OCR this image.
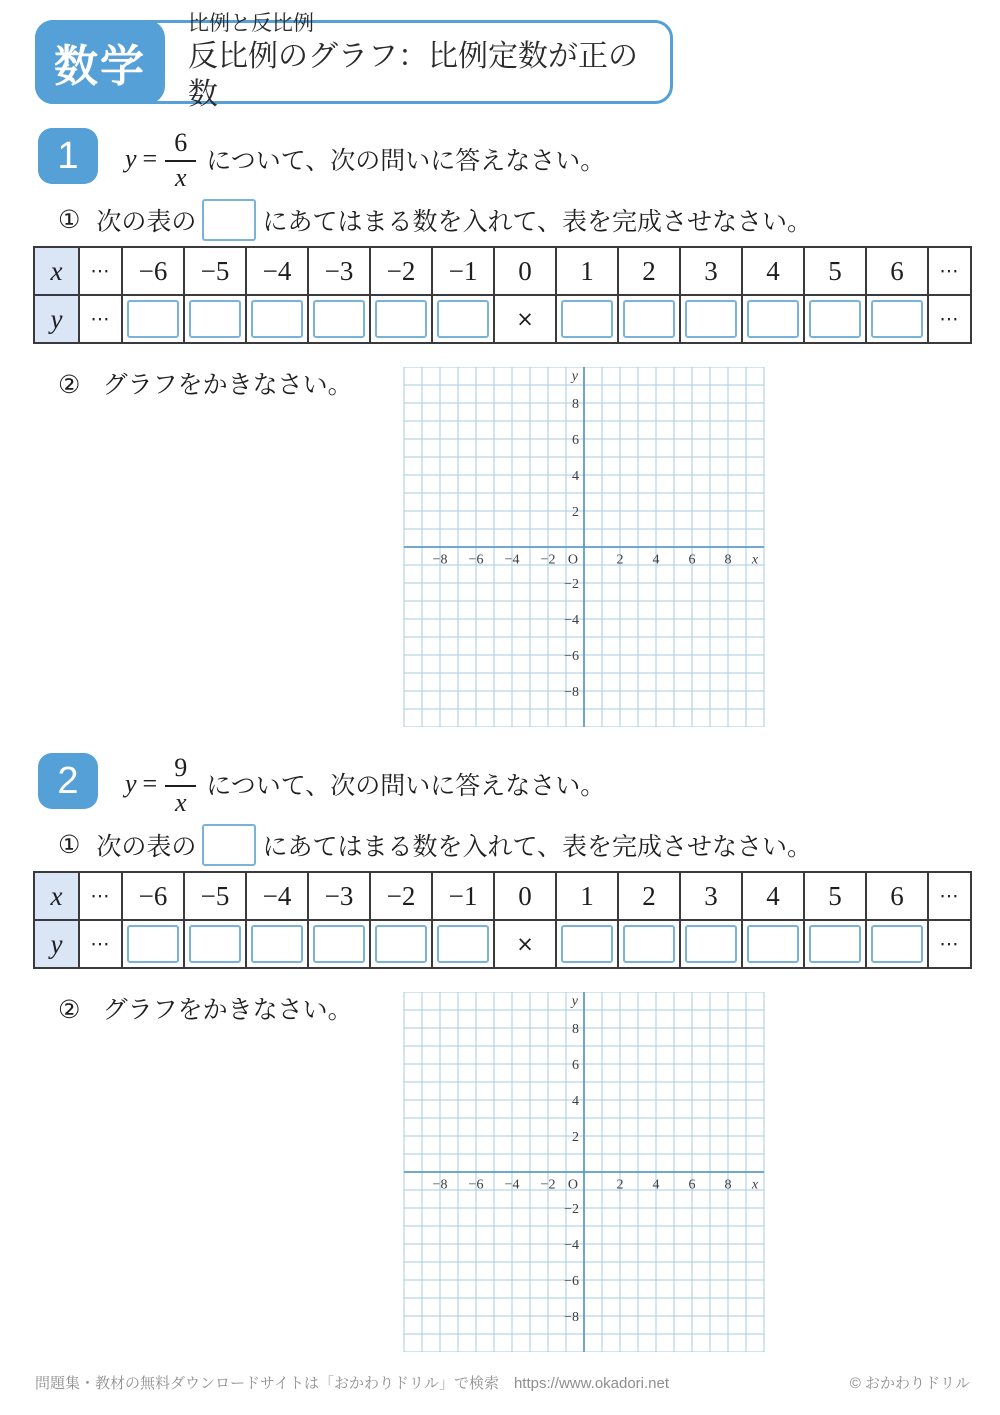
比例と反比例
反比例のグラフ：比例定数が正の数
数学
1	$y = \frac{6}{x}$ について、次の問いに答えなさい。
① 次の表の	にあてはまる数を入れて、表を完成させなさい。
x	⋯	−6	−5	−4	−3	−2	−1	0	1	2	3	4	5	6	⋯
y	⋯							×							⋯
② グラフをかきなさい。
−8 −6 −4 −2	2 4 6 8
8
6
4
2
−2
−4
−6
−8
O
y
x
2	$y = \frac{9}{x}$ について、次の問いに答えなさい。
① 次の表の	にあてはまる数を入れて、表を完成させなさい。
x	⋯	−6	−5	−4	−3	−2	−1	0	1	2	3	4	5	6	⋯
y	⋯							×							⋯
② グラフをかきなさい。
−8 −6 −4 −2	2 4 6 8
8
6
4
2
−2
−4
−6
−8
O
y
x
問題集・教材の無料ダウンロードサイトは「おかわりドリル」で検索　https://www.okadori.net	© おかわりドリル
